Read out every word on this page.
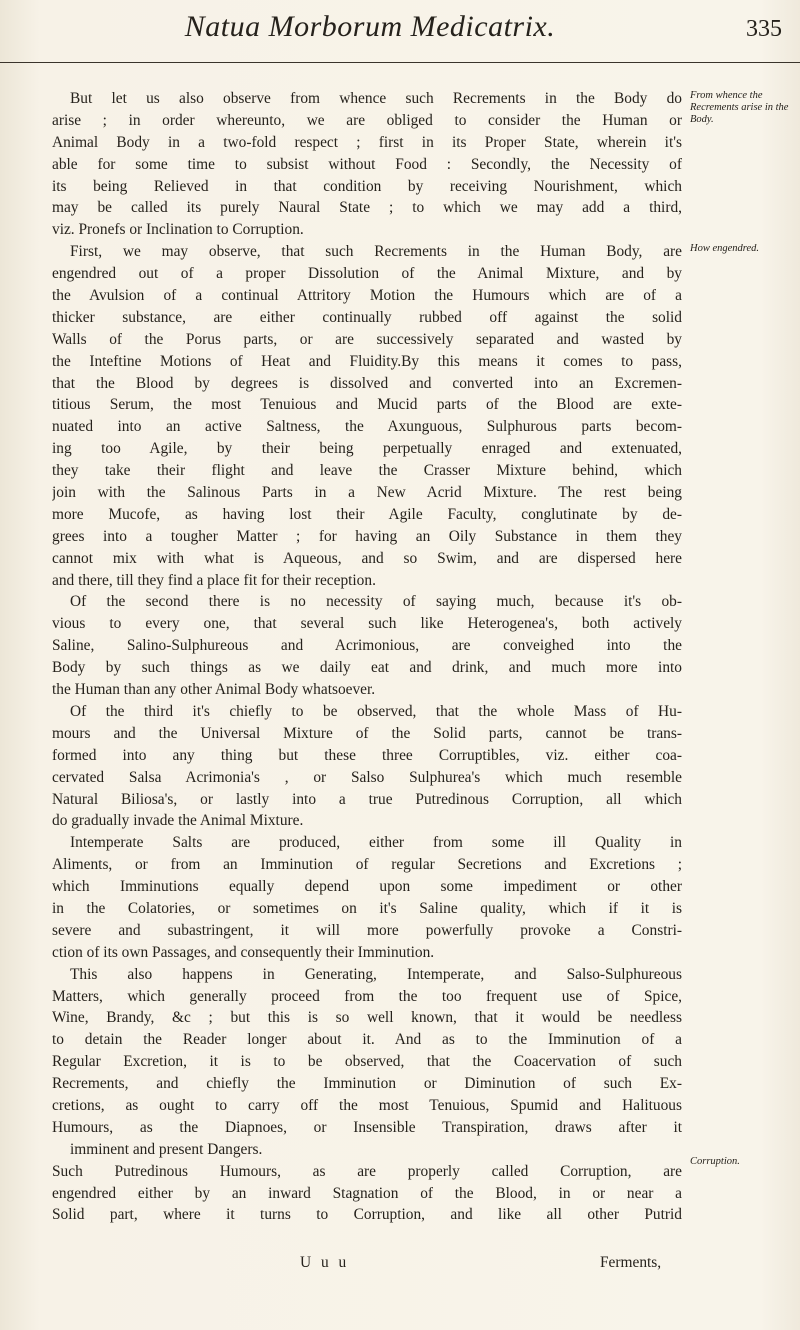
Natua Morborum Medicatrix.	335
But let us also observe from whence such Recrements in the Body do
arise ; in order whereunto, we are obliged to consider the Human or
Animal Body in a two-fold respect ; first in its Proper State, wherein it's
able for some time to subsist without Food : Secondly, the Necessity of
its being Relieved in that condition by receiving Nourishment, which
may be called its purely Naural State ; to which we may add a third,
viz. Pronefs or Inclination to Corruption.
First, we may observe, that such Recrements in the Human Body, are
engendred out of a proper Dissolution of the Animal Mixture, and by
the Avulsion of a continual Attritory Motion the Humours which are of a
thicker substance, are either continually rubbed off against the solid
Walls of the Porus parts, or are successively separated and wasted by
the Inteftine Motions of Heat and Fluidity.By this means it comes to pass,
that the Blood by degrees is dissolved and converted into an Excremen-
titious Serum, the most Tenuious and Mucid parts of the Blood are exte-
nuated into an active Saltness, the Axunguous, Sulphurous parts becom-
ing too Agile, by their being perpetually enraged and extenuated,
they take their flight and leave the Crasser Mixture behind, which
join with the Salinous Parts in a New Acrid Mixture. The rest being
more Mucofe, as having lost their Agile Faculty, conglutinate by de-
grees into a tougher Matter ; for having an Oily Substance in them they
cannot mix with what is Aqueous, and so Swim, and are dispersed here
and there, till they find a place fit for their reception.
Of the second there is no necessity of saying much, because it's ob-
vious to every one, that several such like Heterogenea's, both actively
Saline, Salino-Sulphureous and Acrimonious, are conveighed into the
Body by such things as we daily eat and drink, and much more into
the Human than any other Animal Body whatsoever.
Of the third it's chiefly to be observed, that the whole Mass of Hu-
mours and the Universal Mixture of the Solid parts, cannot be trans-
formed into any thing but these three Corruptibles, viz. either coa-
cervated Salsa Acrimonia's , or Salso Sulphurea's which much resemble
Natural Biliosa's, or lastly into a true Putredinous Corruption, all which
do gradually invade the Animal Mixture.
Intemperate Salts are produced, either from some ill Quality in
Aliments, or from an Imminution of regular Secretions and Excretions ;
which Imminutions equally depend upon some impediment or other
in the Colatories, or sometimes on it's Saline quality, which if it is
severe and subastringent, it will more powerfully provoke a Constri-
ction of its own Passages, and consequently their Imminution.
This also happens in Generating, Intemperate, and Salso-Sulphureous
Matters, which generally proceed from the too frequent use of Spice,
Wine, Brandy, &c ; but this is so well known, that it would be needless
to detain the Reader longer about it. And as to the Imminution of a
Regular Excretion, it is to be observed, that the Coacervation of such
Recrements, and chiefly the Imminution or Diminution of such Ex-
cretions, as ought to carry off the most Tenuious, Spumid and Halituous
Humours, as the Diapnoes, or Insensible Transpiration, draws after it
imminent and present Dangers.
Such Putredinous Humours, as are properly called Corruption, are
engendred either by an inward Stagnation of the Blood, in or near a
Solid part, where it turns to Corruption, and like all other Putrid
From whence the Recrements arise in the Body.
How engendred.
Corruption.
U u u	Ferments,
